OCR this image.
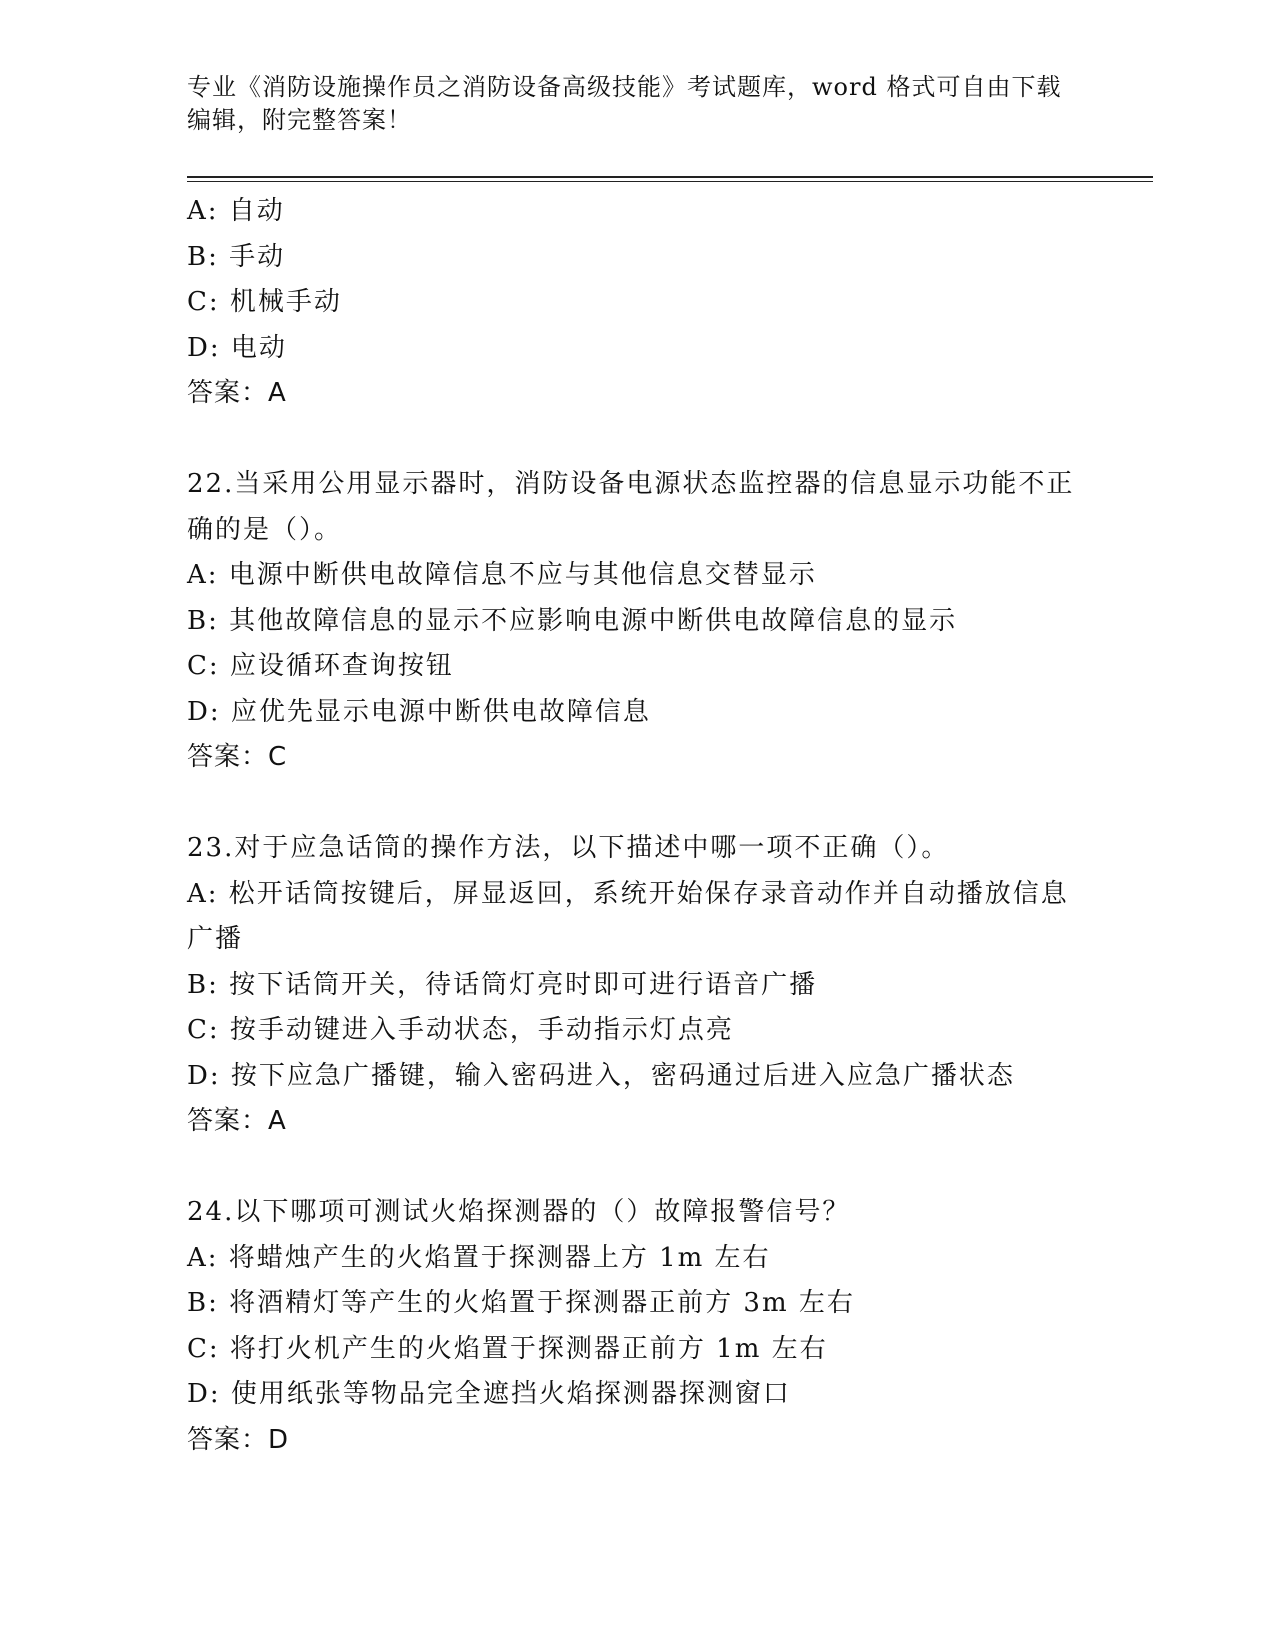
专业《消防设施操作员之消防设备高级技能》考试题库，word 格式可自由下载编辑，附完整答案！
A: 自动
B: 手动
C: 机械手动
D: 电动
答案：A
22.当采用公用显示器时，消防设备电源状态监控器的信息显示功能不正确的是（）。
A: 电源中断供电故障信息不应与其他信息交替显示
B: 其他故障信息的显示不应影响电源中断供电故障信息的显示
C: 应设循环查询按钮
D: 应优先显示电源中断供电故障信息
答案：C
23.对于应急话筒的操作方法，以下描述中哪一项不正确（）。
A: 松开话筒按键后，屏显返回，系统开始保存录音动作并自动播放信息广播
B: 按下话筒开关，待话筒灯亮时即可进行语音广播
C: 按手动键进入手动状态，手动指示灯点亮
D: 按下应急广播键，输入密码进入，密码通过后进入应急广播状态
答案：A
24.以下哪项可测试火焰探测器的（）故障报警信号？
A: 将蜡烛产生的火焰置于探测器上方 1m 左右
B: 将酒精灯等产生的火焰置于探测器正前方 3m 左右
C: 将打火机产生的火焰置于探测器正前方 1m 左右
D: 使用纸张等物品完全遮挡火焰探测器探测窗口
答案：D
